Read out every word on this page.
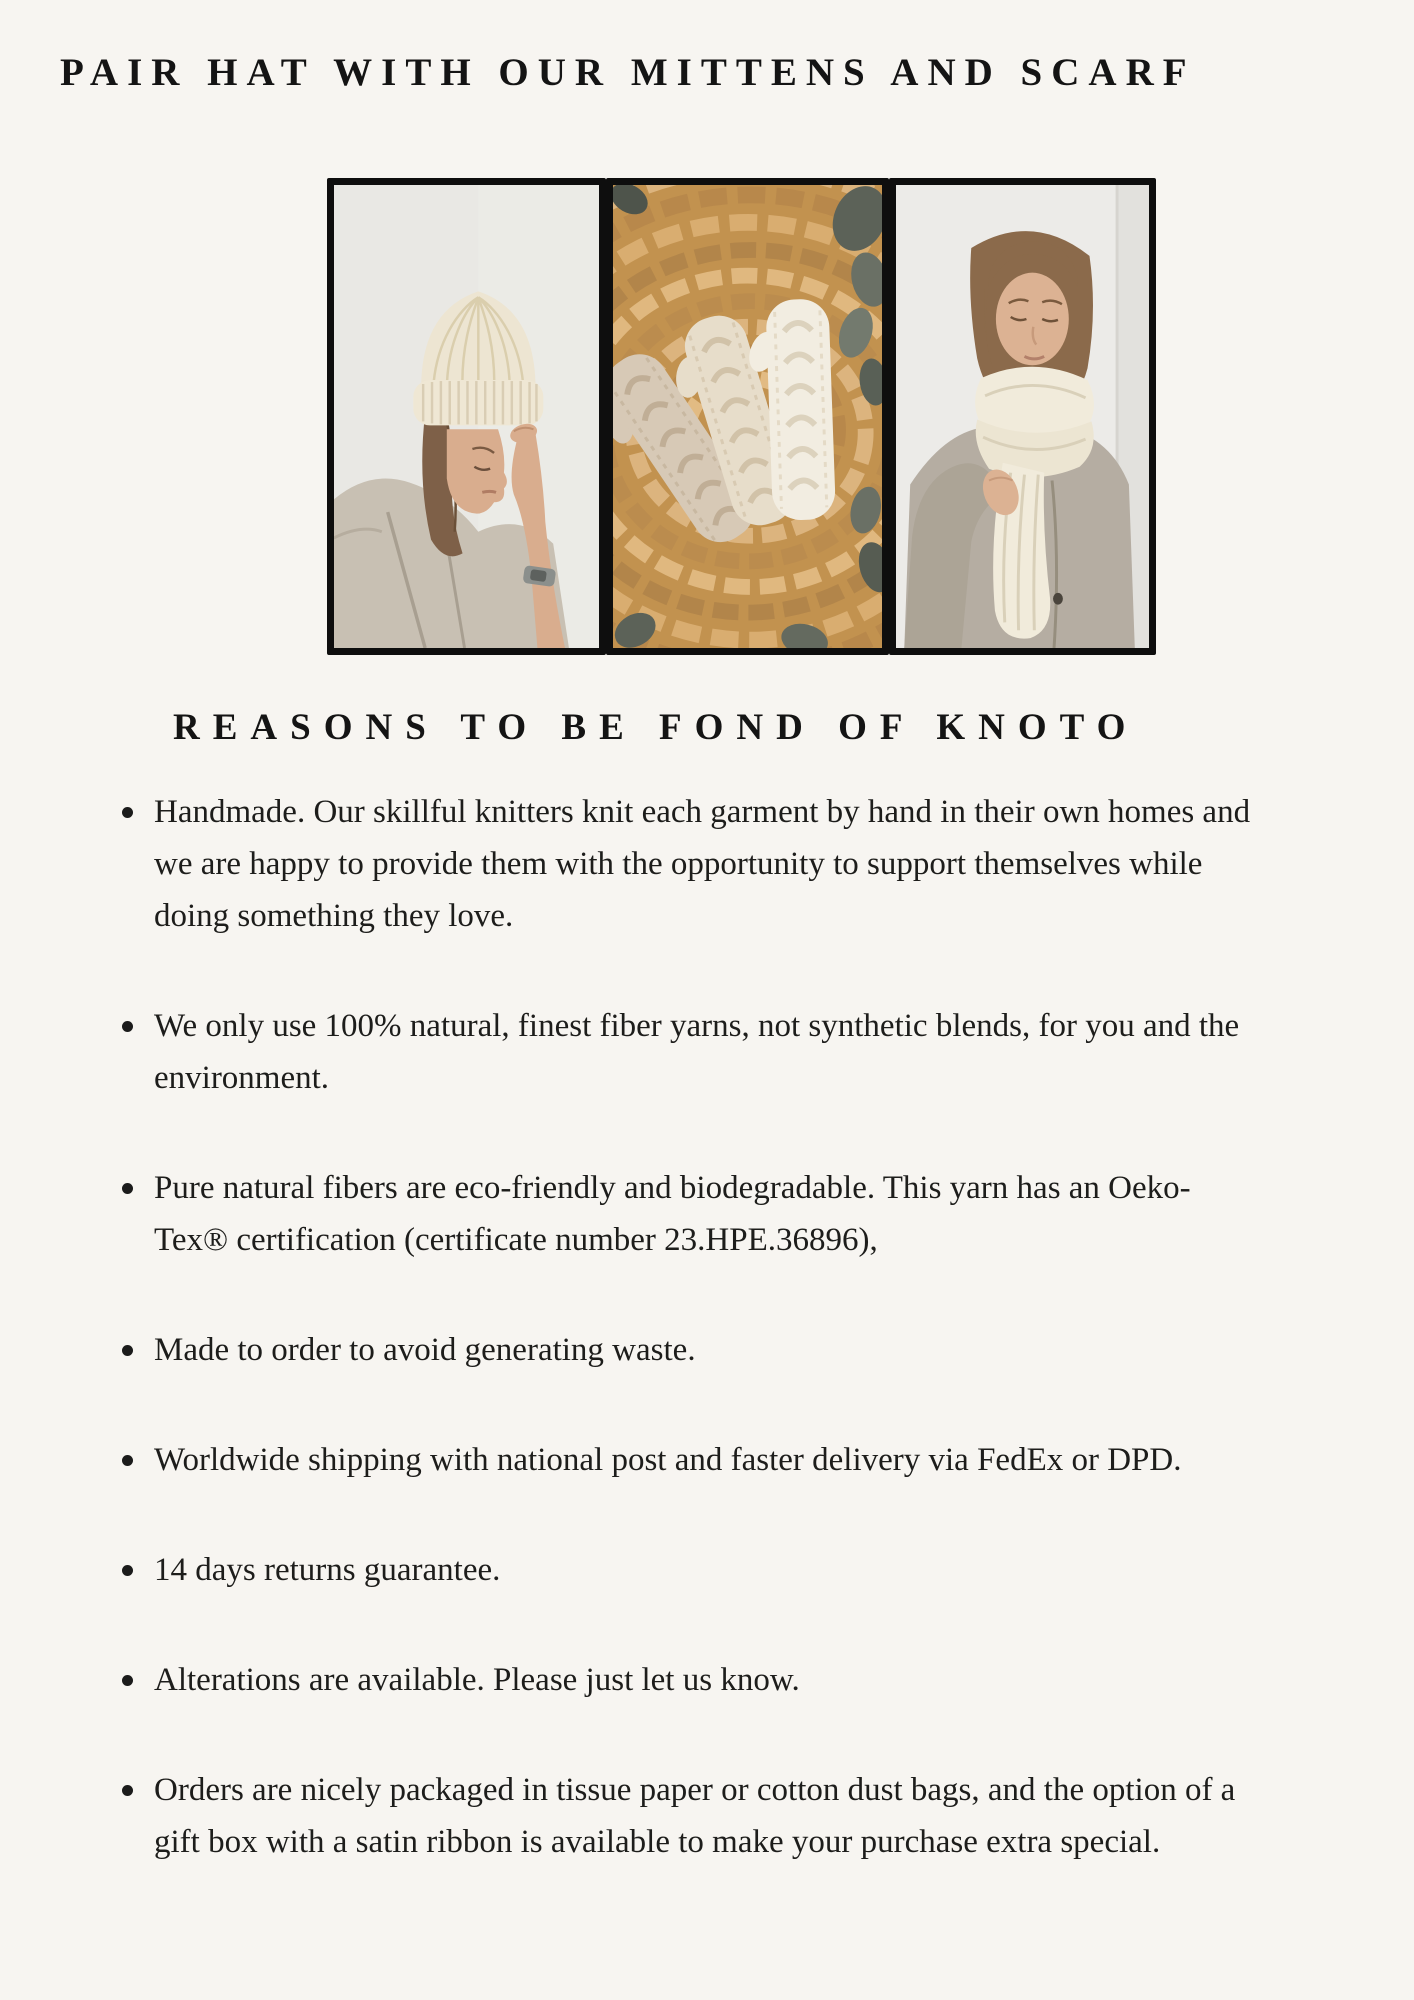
PAIR HAT WITH OUR MITTENS AND SCARF
REASONS TO BE FOND OF KNOTO
Handmade. Our skillful knitters knit each garment by hand in their own homes and we are happy to provide them with the opportunity to support themselves while doing something they love.
We only use 100% natural, finest fiber yarns, not synthetic blends, for you and the environment.
Pure natural fibers are eco-friendly and biodegradable. This yarn has an Oeko-Tex® certification (certificate number 23.HPE.36896),
Made to order to avoid generating waste.
Worldwide shipping with national post and faster delivery via FedEx or DPD.
14 days returns guarantee.
Alterations are available. Please just let us know.
Orders are nicely packaged in tissue paper or cotton dust bags, and the option of a gift box with a satin ribbon is available to make your purchase extra special.
